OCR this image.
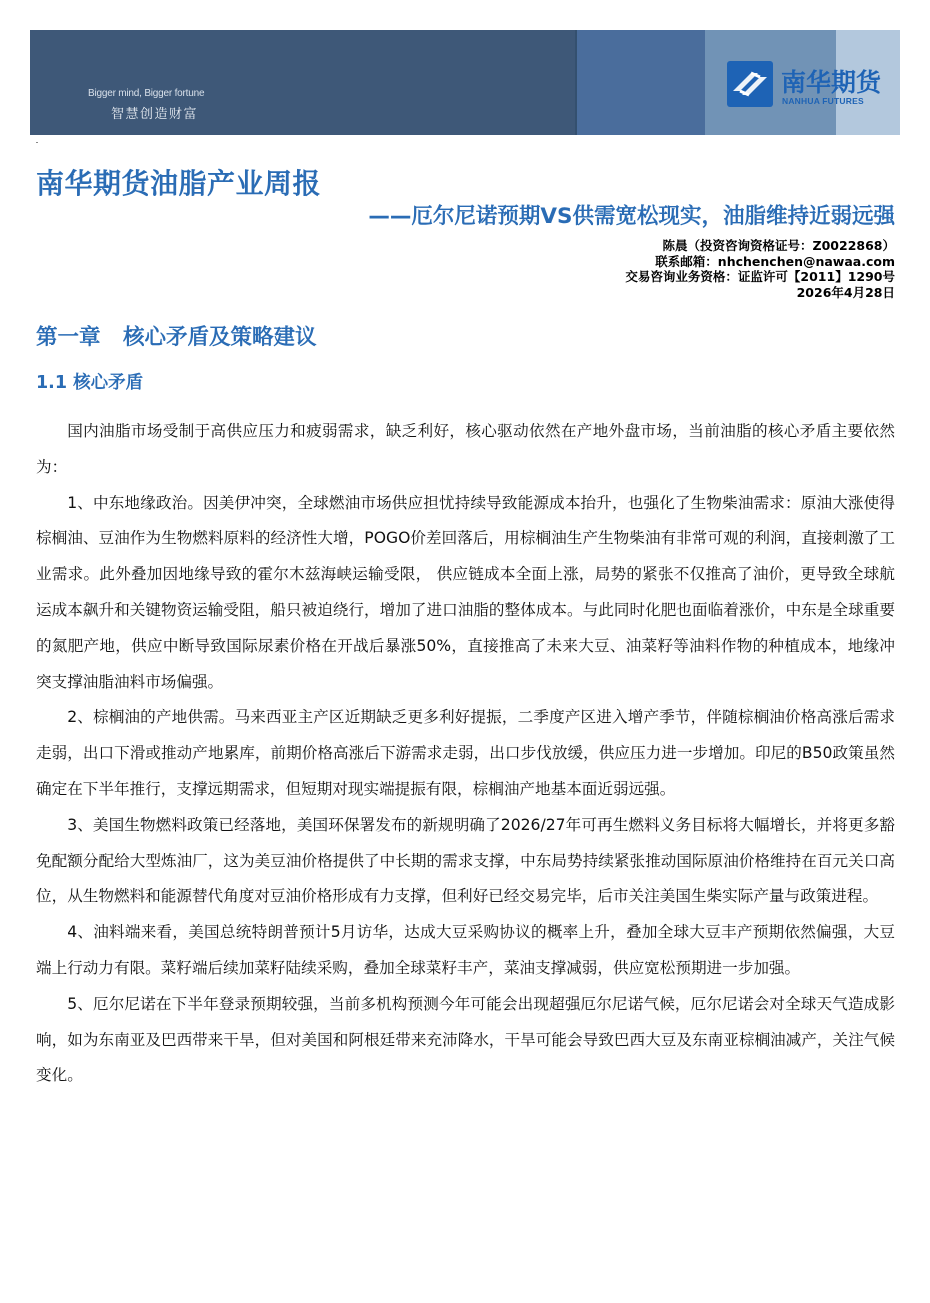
Bigger mind, Bigger fortune
智慧创造财富
南华期货
NANHUA FUTURES
南华期货油脂产业周报
——厄尔尼诺预期VS供需宽松现实，油脂维持近弱远强
陈晨（投资咨询资格证号：Z0022868）
联系邮箱：nhchenchen@nawaa.com
交易咨询业务资格：证监许可【2011】1290号
2026年4月28日
第一章   核心矛盾及策略建议
1.1 核心矛盾

国内油脂市场受制于高供应压力和疲弱需求，缺乏利好，核心驱动依然在产地外盘市场，当前油脂的核心矛盾主要依然为：

1、中东地缘政治。因美伊冲突，全球燃油市场供应担忧持续导致能源成本抬升，也强化了生物柴油需求：原油大涨使得棕榈油、豆油作为生物燃料原料的经济性大增，POGO价差回落后，用棕榈油生产生物柴油有非常可观的利润，直接刺激了工业需求。此外叠加因地缘导致的霍尔木兹海峡运输受限， 供应链成本全面上涨，局势的紧张不仅推高了油价，更导致全球航运成本飙升和关键物资运输受阻，船只被迫绕行，增加了进口油脂的整体成本。与此同时化肥也面临着涨价，中东是全球重要的氮肥产地，供应中断导致国际尿素价格在开战后暴涨50%，直接推高了未来大豆、油菜籽等油料作物的种植成本，地缘冲突支撑油脂油料市场偏强。

2、棕榈油的产地供需。马来西亚主产区近期缺乏更多利好提振，二季度产区进入增产季节，伴随棕榈油价格高涨后需求走弱，出口下滑或推动产地累库，前期价格高涨后下游需求走弱，出口步伐放缓，供应压力进一步增加。印尼的B50政策虽然确定在下半年推行，支撑远期需求，但短期对现实端提振有限，棕榈油产地基本面近弱远强。

3、美国生物燃料政策已经落地，美国环保署发布的新规明确了2026/27年可再生燃料义务目标将大幅增长，并将更多豁免配额分配给大型炼油厂，这为美豆油价格提供了中长期的需求支撑，中东局势持续紧张推动国际原油价格维持在百元关口高位，从生物燃料和能源替代角度对豆油价格形成有力支撑，但利好已经交易完毕，后市关注美国生柴实际产量与政策进程。

4、油料端来看，美国总统特朗普预计5月访华，达成大豆采购协议的概率上升，叠加全球大豆丰产预期依然偏强，大豆端上行动力有限。菜籽端后续加菜籽陆续采购，叠加全球菜籽丰产，菜油支撑减弱，供应宽松预期进一步加强。

5、厄尔尼诺在下半年登录预期较强，当前多机构预测今年可能会出现超强厄尔尼诺气候，厄尔尼诺会对全球天气造成影响，如为东南亚及巴西带来干旱，但对美国和阿根廷带来充沛降水，干旱可能会导致巴西大豆及东南亚棕榈油减产，关注气候变化。
